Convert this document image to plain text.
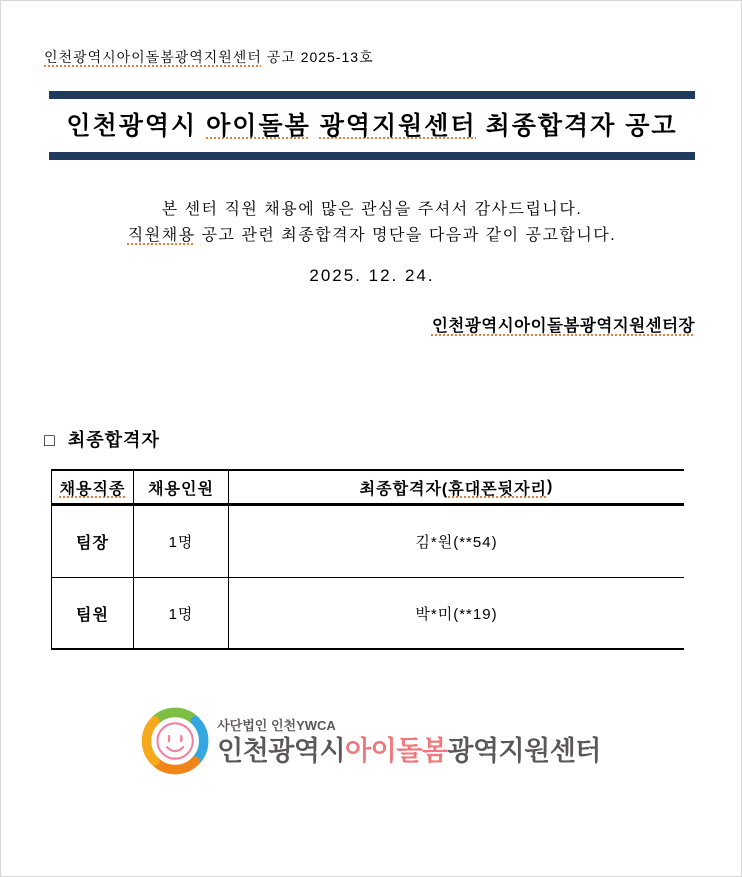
인천광역시아이돌봄광역지원센터 공고 2025-13호
인천광역시 아이돌봄 광역지원센터 최종합격자 공고
본 센터 직원 채용에 많은 관심을 주셔서 감사드립니다.
직원채용 공고 관련 최종합격자 명단을 다음과 같이 공고합니다.
2025. 12. 24.
인천광역시아이돌봄광역지원센터장
□ 최종합격자
채용직종	채용인원	최종합격자( 휴대폰뒷자리 )
팀장	1명	김*원(**54)
팀원	1명	박*미(**19)
사단법인 인천YWCA
인천광역시아이돌봄광역지원센터
